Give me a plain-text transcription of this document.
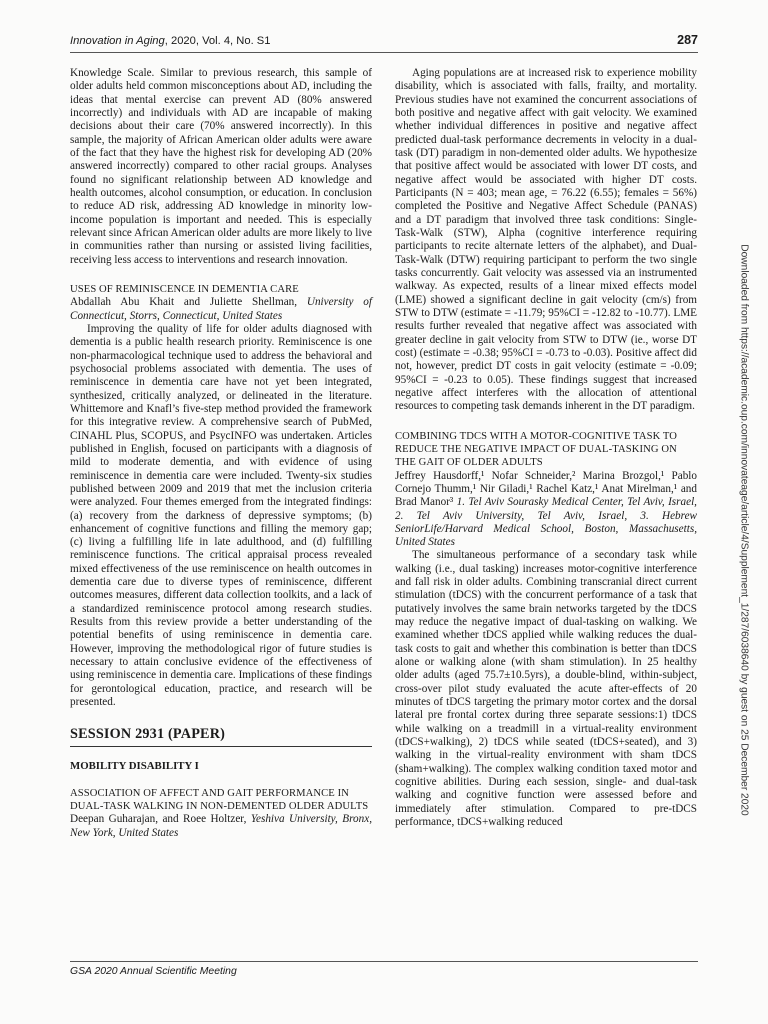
Innovation in Aging, 2020, Vol. 4, No. S1	287

Knowledge Scale. Similar to previous research, this sample of older adults held common misconceptions about AD, including the ideas that mental exercise can prevent AD (80% answered incorrectly) and individuals with AD are incapable of making decisions about their care (70% answered incorrectly). In this sample, the majority of African American older adults were aware of the fact that they have the highest risk for developing AD (20% answered incorrectly) compared to other racial groups. Analyses found no significant relationship between AD knowledge and health outcomes, alcohol consumption, or education. In conclusion to reduce AD risk, addressing AD knowledge in minority low-income population is important and needed. This is especially relevant since African American older adults are more likely to live in communities rather than nursing or assisted living facilities, receiving less access to interventions and research innovation.

USES OF REMINISCENCE IN DEMENTIA CARE

Abdallah Abu Khait and Juliette Shellman, University of Connecticut, Storrs, Connecticut, United States

Improving the quality of life for older adults diagnosed with dementia is a public health research priority. Reminiscence is one non-pharmacological technique used to address the behavioral and psychosocial problems associated with dementia. The uses of reminiscence in dementia care have not yet been integrated, synthesized, critically analyzed, or delineated in the literature. Whittemore and Knafl’s five-step method provided the framework for this integrative review. A comprehensive search of PubMed, CINAHL Plus, SCOPUS, and PsycINFO was undertaken. Articles published in English, focused on participants with a diagnosis of mild to moderate dementia, and with evidence of using reminiscence in dementia care were included. Twenty-six studies published between 2009 and 2019 that met the inclusion criteria were analyzed. Four themes emerged from the integrated findings: (a) recovery from the darkness of depressive symptoms; (b) enhancement of cognitive functions and filling the memory gap; (c) living a fulfilling life in late adulthood, and (d) fulfilling reminiscence functions. The critical appraisal process revealed mixed effectiveness of the use reminiscence on health outcomes in dementia care due to diverse types of reminiscence, different outcomes measures, different data collection toolkits, and a lack of a standardized reminiscence protocol among research studies. Results from this review provide a better understanding of the potential benefits of using reminiscence in dementia care. However, improving the methodological rigor of future studies is necessary to attain conclusive evidence of the effectiveness of using reminiscence in dementia care. Implications of these findings for gerontological education, practice, and research will be presented.

SESSION 2931 (PAPER)
MOBILITY DISABILITY I
ASSOCIATION OF AFFECT AND GAIT PERFORMANCE IN DUAL-TASK WALKING IN NON-DEMENTED OLDER ADULTS

Deepan Guharajan, and Roee Holtzer, Yeshiva University, Bronx, New York, United States

Aging populations are at increased risk to experience mobility disability, which is associated with falls, frailty, and mortality. Previous studies have not examined the concurrent associations of both positive and negative affect with gait velocity. We examined whether individual differences in positive and negative affect predicted dual-task performance decrements in velocity in a dual-task (DT) paradigm in non-demented older adults. We hypothesize that positive affect would be associated with lower DT costs, and negative affect would be associated with higher DT costs. Participants (N = 403; mean age, = 76.22 (6.55); females = 56%) completed the Positive and Negative Affect Schedule (PANAS) and a DT paradigm that involved three task conditions: Single-Task-Walk (STW), Alpha (cognitive interference requiring participants to recite alternate letters of the alphabet), and Dual-Task-Walk (DTW) requiring participant to perform the two single tasks concurrently. Gait velocity was assessed via an instrumented walkway. As expected, results of a linear mixed effects model (LME) showed a significant decline in gait velocity (cm/s) from STW to DTW (estimate = -11.79; 95%CI = -12.82 to -10.77). LME results further revealed that negative affect was associated with greater decline in gait velocity from STW to DTW (ie., worse DT cost) (estimate = -0.38; 95%CI = -0.73 to -0.03). Positive affect did not, however, predict DT costs in gait velocity (estimate = -0.09; 95%CI = -0.23 to 0.05). These findings suggest that increased negative affect interferes with the allocation of attentional resources to competing task demands inherent in the DT paradigm.

COMBINING TDCS WITH A MOTOR-COGNITIVE TASK TO REDUCE THE NEGATIVE IMPACT OF DUAL-TASKING ON THE GAIT OF OLDER ADULTS

Jeffrey Hausdorff,¹ Nofar Schneider,² Marina Brozgol,¹ Pablo Cornejo Thumm,¹ Nir Giladi,¹ Rachel Katz,¹ Anat Mirelman,¹ and Brad Manor³ 1. Tel Aviv Sourasky Medical Center, Tel Aviv, Israel, 2. Tel Aviv University, Tel Aviv, Israel, 3. Hebrew SeniorLife/Harvard Medical School, Boston, Massachusetts, United States

The simultaneous performance of a secondary task while walking (i.e., dual tasking) increases motor-cognitive interference and fall risk in older adults. Combining transcranial direct current stimulation (tDCS) with the concurrent performance of a task that putatively involves the same brain networks targeted by the tDCS may reduce the negative impact of dual-tasking on walking. We examined whether tDCS applied while walking reduces the dual-task costs to gait and whether this combination is better than tDCS alone or walking alone (with sham stimulation). In 25 healthy older adults (aged 75.7±10.5yrs), a double-blind, within-subject, cross-over pilot study evaluated the acute after-effects of 20 minutes of tDCS targeting the primary motor cortex and the dorsal lateral pre frontal cortex during three separate sessions:1) tDCS while walking on a treadmill in a virtual-reality environment (tDCS+walking), 2) tDCS while seated (tDCS+seated), and 3) walking in the virtual-reality environment with sham tDCS (sham+walking). The complex walking condition taxed motor and cognitive abilities. During each session, single- and dual-task walking and cognitive function were assessed before and immediately after stimulation. Compared to pre-tDCS performance, tDCS+walking reduced

GSA 2020 Annual Scientific Meeting
Downloaded from https://academic.oup.com/innovateage/article/4/Supplement_1/287/6038640 by guest on 25 December 2020
